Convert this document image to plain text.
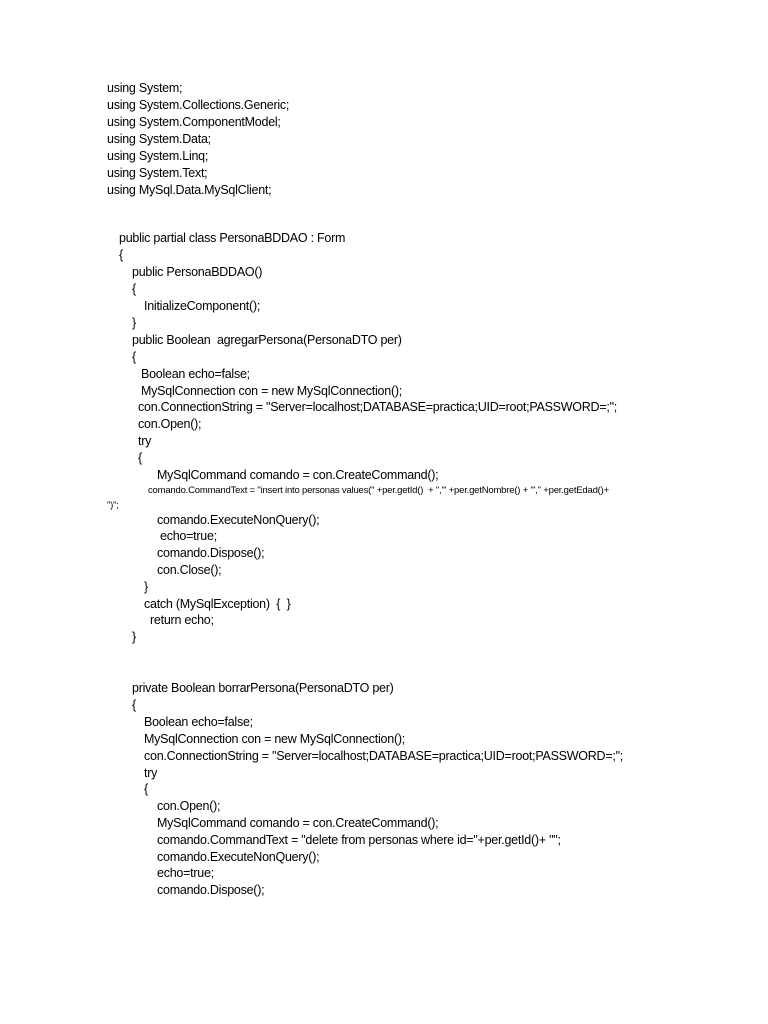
using System;
using System.Collections.Generic;
using System.ComponentModel;
using System.Data;
using System.Linq;
using System.Text;
using MySql.Data.MySqlClient;
public partial class PersonaBDDAO : Form
{
public PersonaBDDAO()
{
InitializeComponent();
}
public Boolean  agregarPersona(PersonaDTO per)
{
Boolean echo=false;
MySqlConnection con = new MySqlConnection();
con.ConnectionString = "Server=localhost;DATABASE=practica;UID=root;PASSWORD=;";
con.Open();
try
{
MySqlCommand comando = con.CreateCommand();
comando.CommandText = "insert into personas values(" +per.getId()  + ",'" +per.getNombre() + "'," +per.getEdad()+
")";
comando.ExecuteNonQuery();
echo=true;
comando.Dispose();
con.Close();
}
catch (MySqlException)  {  }
return echo;
}
private Boolean borrarPersona(PersonaDTO per)
{
Boolean echo=false;
MySqlConnection con = new MySqlConnection();
con.ConnectionString = "Server=localhost;DATABASE=practica;UID=root;PASSWORD=;";
try
{
con.Open();
MySqlCommand comando = con.CreateCommand();
comando.CommandText = "delete from personas where id="+per.getId()+ "";
comando.ExecuteNonQuery();
echo=true;
comando.Dispose();
